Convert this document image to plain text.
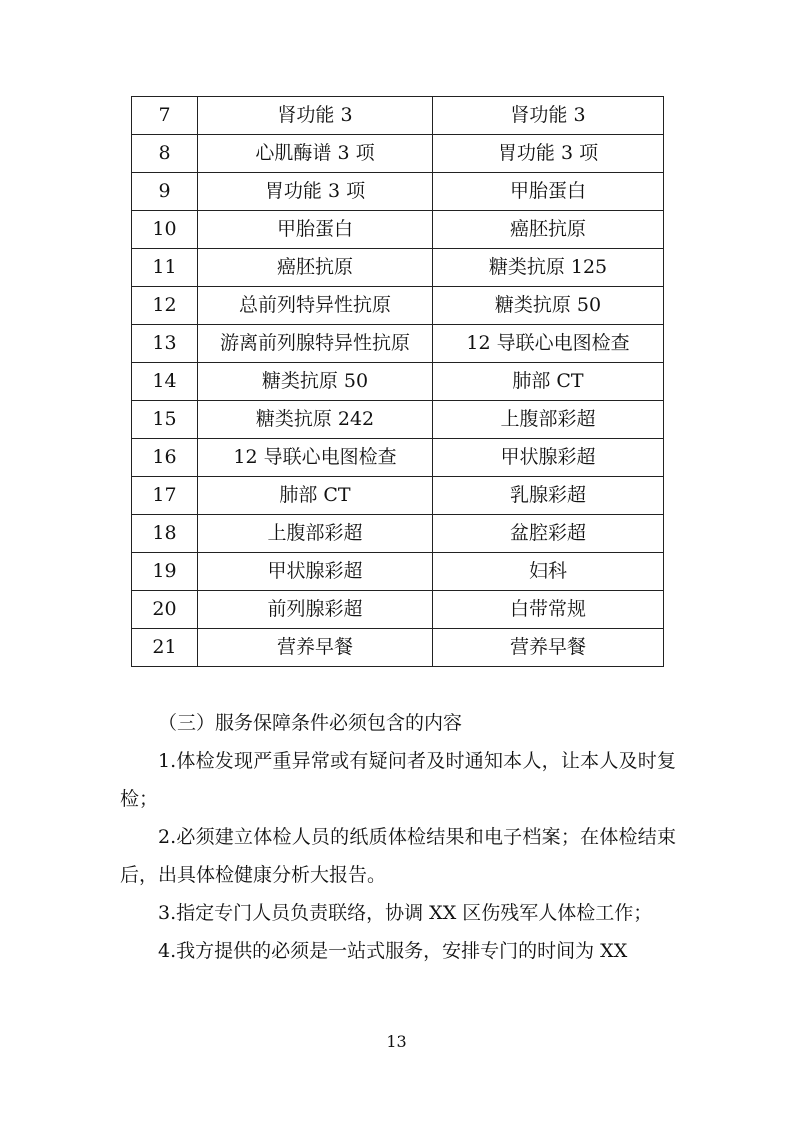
7	肾功能 3	肾功能 3
8	心肌酶谱 3 项	胃功能 3 项
9	胃功能 3 项	甲胎蛋白
10	甲胎蛋白	癌胚抗原
11	癌胚抗原	糖类抗原 125
12	总前列特异性抗原	糖类抗原 50
13	游离前列腺特异性抗原	12 导联心电图检查
14	糖类抗原 50	肺部 CT
15	糖类抗原 242	上腹部彩超
16	12 导联心电图检查	甲状腺彩超
17	肺部 CT	乳腺彩超
18	上腹部彩超	盆腔彩超
19	甲状腺彩超	妇科
20	前列腺彩超	白带常规
21	营养早餐	营养早餐

（三）服务保障条件必须包含的内容

1.体检发现严重异常或有疑问者及时通知本人，让本人及时复检；

2.必须建立体检人员的纸质体检结果和电子档案；在体检结束后，出具体检健康分析大报告。

3.指定专门人员负责联络，协调 XX 区伤残军人体检工作；

4.我方提供的必须是一站式服务，安排专门的时间为 XX

13
